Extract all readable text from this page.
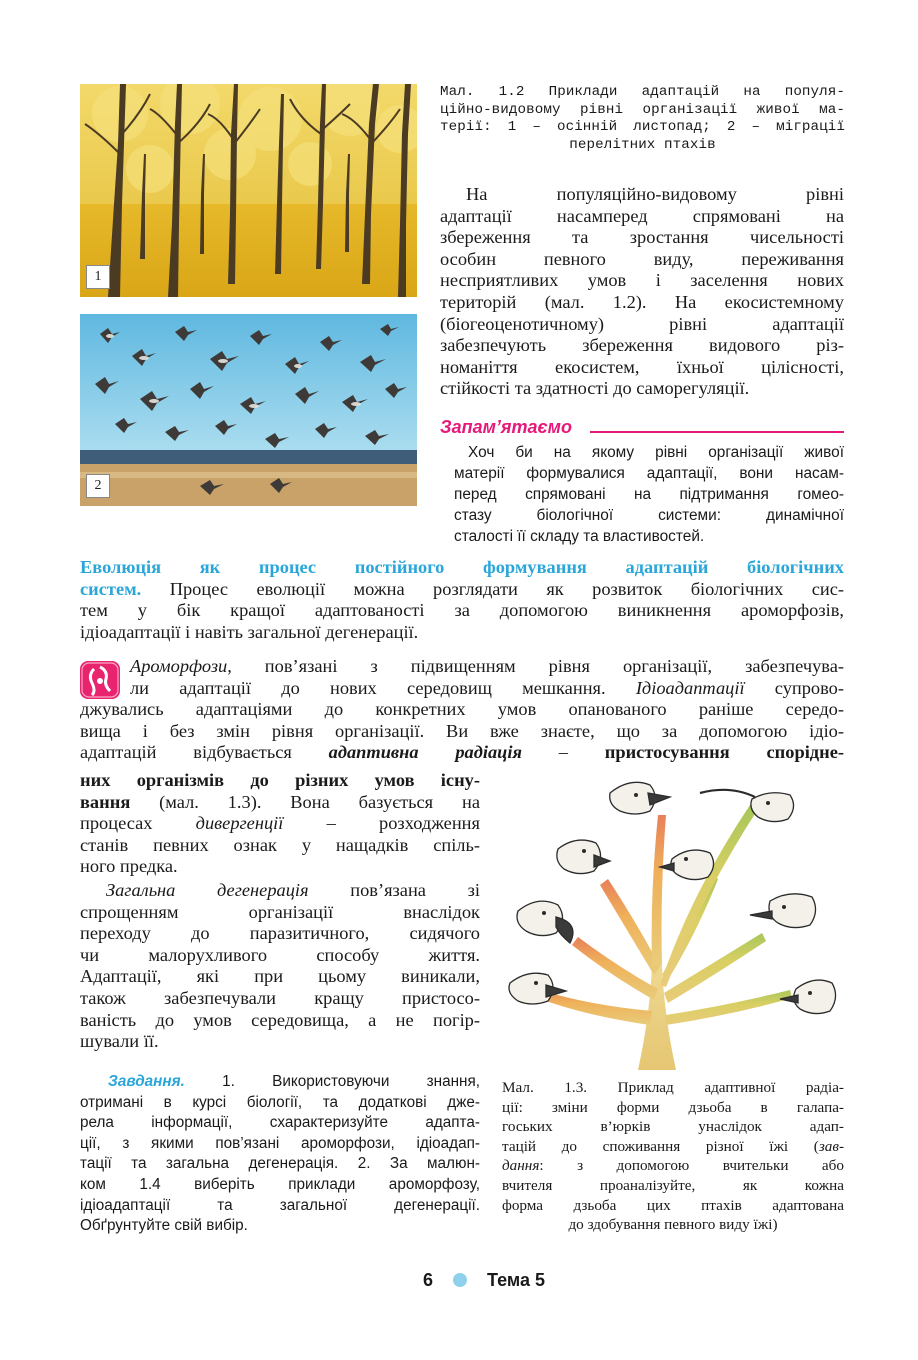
1
2
Мал. 1.2 Приклади адаптацій на популя-
ційно-видовому рівні організації живої ма-
терії: 1 – осінній листопад; 2 – міграції
перелітних птахів
На популяційно-видовому рівні
адаптації насамперед спрямовані на
збереження та зростання чисельності
особин певного виду, переживання
несприятливих умов і заселення нових
територій (мал. 1.2). На екосистемному
(біогеоценотичному) рівні адаптації
забезпечують збереження видового різ-
номаніття екосистем, їхньої цілісності,
стійкості та здатності до саморегуляції.
Запам’ятаємо
Хоч би на якому рівні організації живої
матерії формувалися адаптації, вони насам-
перед спрямовані на підтримання гомео-
стазу біологічної системи: динамічної
сталості її складу та властивостей.
Еволюція як процес постійного формування адаптацій біологічних
систем. Процес еволюції можна розглядати як розвиток біологічних сис-
тем у бік кращої адаптованості за допомогою виникнення ароморфозів,
ідіоадаптації і навіть загальної дегенерації.
Ароморфози, пов’язані з підвищенням рівня організації, забезпечува-
ли адаптації до нових середовищ мешкання. Ідіоадаптації супрово-
джувались адаптаціями до конкретних умов опанованого раніше середо-
вища і без змін рівня організації. Ви вже знаєте, що за допомогою ідіо-
адаптацій відбувається адаптивна радіація – пристосування спорідне-
них організмів до різних умов існу-
вання (мал. 1.3). Вона базується на
процесах дивергенції – розходження
станів певних ознак у нащадків спіль-
ного предка.
Загальна дегенерація пов’язана зі
спрощенням організації внаслідок
переходу до паразитичного, сидячого
чи малорухливого способу життя.
Адаптації, які при цьому виникали,
також забезпечували кращу пристосо-
ваність до умов середовища, а не погір-
шували її.
Завдання. 1. Використовуючи знання,
отримані в курсі біології, та додаткові дже-
рела інформації, схарактеризуйте адапта-
ції, з якими пов’язані ароморфози, ідіоадап-
тації та загальна дегенерація. 2. За малюн-
ком 1.4 виберіть приклади ароморфозу,
ідіоадаптації та загальної дегенерації.
Обґрунтуйте свій вибір.
Мал. 1.3. Приклад адаптивної радіа-
ції: зміни форми дзьоба в галапа-
гоських в’юрків унаслідок адап-
тацій до споживання різної їжі (зав-
дання: з допомогою вчительки або
вчителя проаналізуйте, як кожна
форма дзьоба цих птахів адаптована
до здобування певного виду їжі)
6	Тема 5
